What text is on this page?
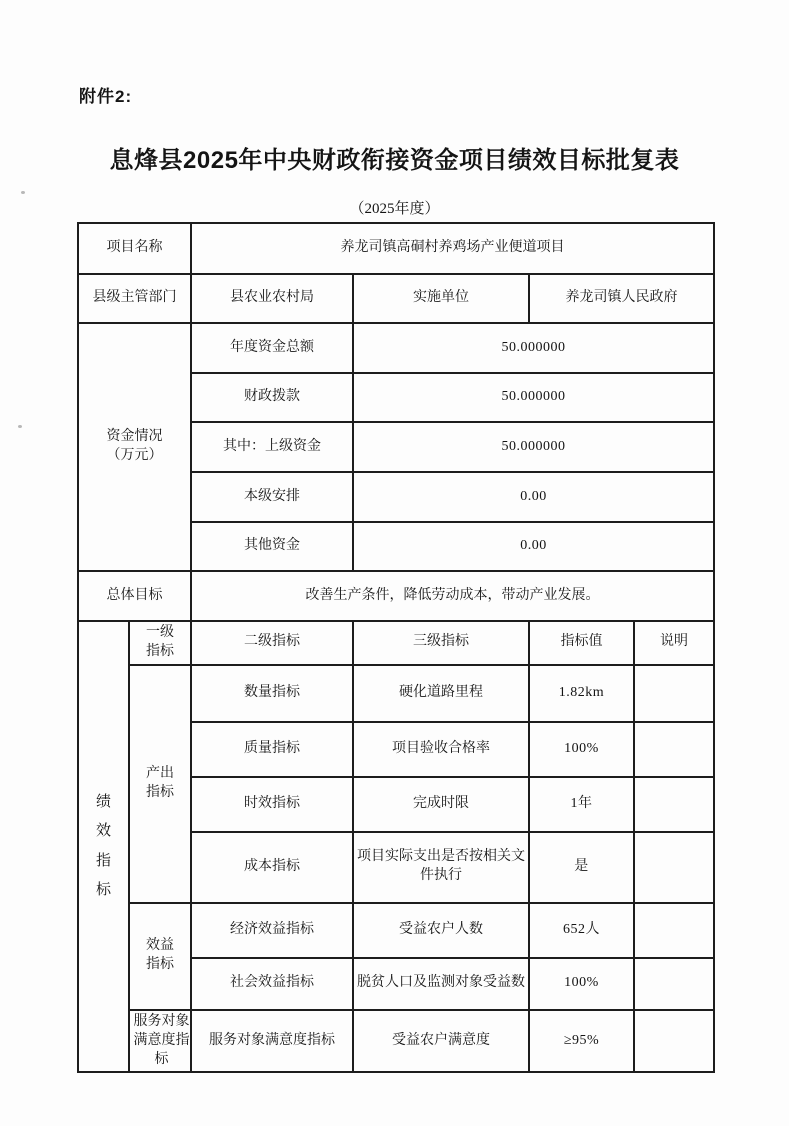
附件2:
息烽县2025年中央财政衔接资金项目绩效目标批复表
（2025年度）
项目名称		养龙司镇高硐村养鸡场产业便道项目			
县级主管部门		县农业农村局	实施单位	养龙司镇人民政府	

资金情况
（万元）		年度资金总额	50.000000		
		财政拨款	50.000000		
		其中：上级资金	50.000000		
		本级安排	0.00		
		其他资金	0.00		
总体目标		改善生产条件，降低劳动成本，带动产业发展。			

绩效指标	一级指标	二级指标	三级指标	指标值	说明

	产出指标	数量指标	硬化道路里程	1.82km	
		质量指标	项目验收合格率	100%	
		时效指标	完成时限	1年	
		成本指标	项目实际支出是否按相关文件执行	是	

	效益指标	经济效益指标	受益农户人数	652人	
		社会效益指标	脱贫人口及监测对象受益数	100%	

	服务对象满意度指标	服务对象满意度指标	受益农户满意度	≥95%	
